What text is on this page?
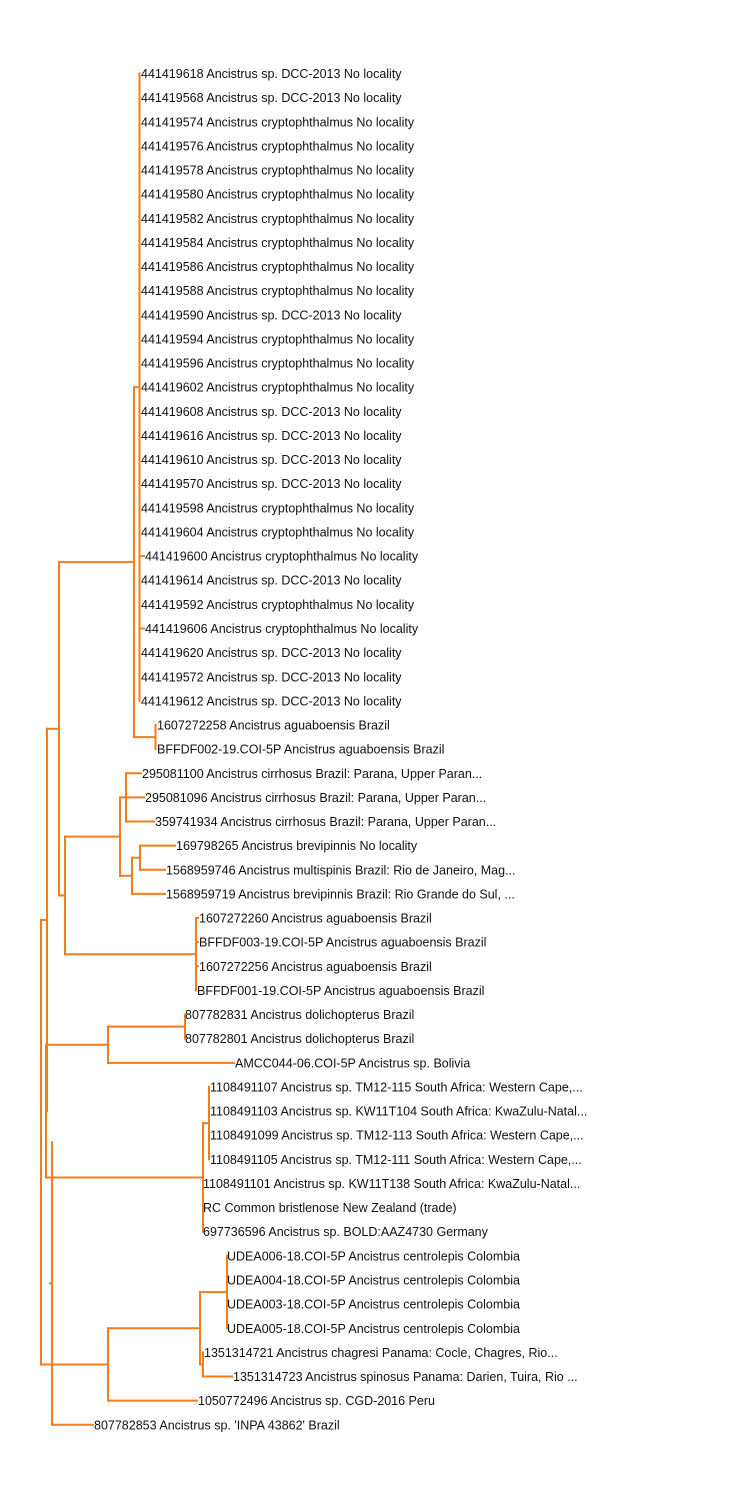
441419618 Ancistrus sp. DCC-2013 No locality
441419568 Ancistrus sp. DCC-2013 No locality
441419574 Ancistrus cryptophthalmus No locality
441419576 Ancistrus cryptophthalmus No locality
441419578 Ancistrus cryptophthalmus No locality
441419580 Ancistrus cryptophthalmus No locality
441419582 Ancistrus cryptophthalmus No locality
441419584 Ancistrus cryptophthalmus No locality
441419586 Ancistrus cryptophthalmus No locality
441419588 Ancistrus cryptophthalmus No locality
441419590 Ancistrus sp. DCC-2013 No locality
441419594 Ancistrus cryptophthalmus No locality
441419596 Ancistrus cryptophthalmus No locality
441419602 Ancistrus cryptophthalmus No locality
441419608 Ancistrus sp. DCC-2013 No locality
441419616 Ancistrus sp. DCC-2013 No locality
441419610 Ancistrus sp. DCC-2013 No locality
441419570 Ancistrus sp. DCC-2013 No locality
441419598 Ancistrus cryptophthalmus No locality
441419604 Ancistrus cryptophthalmus No locality
441419600 Ancistrus cryptophthalmus No locality
441419614 Ancistrus sp. DCC-2013 No locality
441419592 Ancistrus cryptophthalmus No locality
441419606 Ancistrus cryptophthalmus No locality
441419620 Ancistrus sp. DCC-2013 No locality
441419572 Ancistrus sp. DCC-2013 No locality
441419612 Ancistrus sp. DCC-2013 No locality
1607272258 Ancistrus aguaboensis Brazil
BFFDF002-19.COI-5P Ancistrus aguaboensis Brazil
295081100 Ancistrus cirrhosus Brazil: Parana, Upper Paran...
295081096 Ancistrus cirrhosus Brazil: Parana, Upper Paran...
359741934 Ancistrus cirrhosus Brazil: Parana, Upper Paran...
169798265 Ancistrus brevipinnis No locality
1568959746 Ancistrus multispinis Brazil: Rio de Janeiro, Mag...
1568959719 Ancistrus brevipinnis Brazil: Rio Grande do Sul, ...
1607272260 Ancistrus aguaboensis Brazil
BFFDF003-19.COI-5P Ancistrus aguaboensis Brazil
1607272256 Ancistrus aguaboensis Brazil
BFFDF001-19.COI-5P Ancistrus aguaboensis Brazil
807782831 Ancistrus dolichopterus Brazil
807782801 Ancistrus dolichopterus Brazil
AMCC044-06.COI-5P Ancistrus sp. Bolivia
1108491107 Ancistrus sp. TM12-115 South Africa: Western Cape,...
1108491103 Ancistrus sp. KW11T104 South Africa: KwaZulu-Natal...
1108491099 Ancistrus sp. TM12-113 South Africa: Western Cape,...
1108491105 Ancistrus sp. TM12-111 South Africa: Western Cape,...
1108491101 Ancistrus sp. KW11T138 South Africa: KwaZulu-Natal...
RC Common bristlenose New Zealand (trade)
697736596 Ancistrus sp. BOLD:AAZ4730 Germany
UDEA006-18.COI-5P Ancistrus centrolepis Colombia
UDEA004-18.COI-5P Ancistrus centrolepis Colombia
UDEA003-18.COI-5P Ancistrus centrolepis Colombia
UDEA005-18.COI-5P Ancistrus centrolepis Colombia
1351314721 Ancistrus chagresi Panama: Cocle, Chagres, Rio...
1351314723 Ancistrus spinosus Panama: Darien, Tuira, Rio ...
1050772496 Ancistrus sp. CGD-2016 Peru
807782853 Ancistrus sp. 'INPA 43862' Brazil
